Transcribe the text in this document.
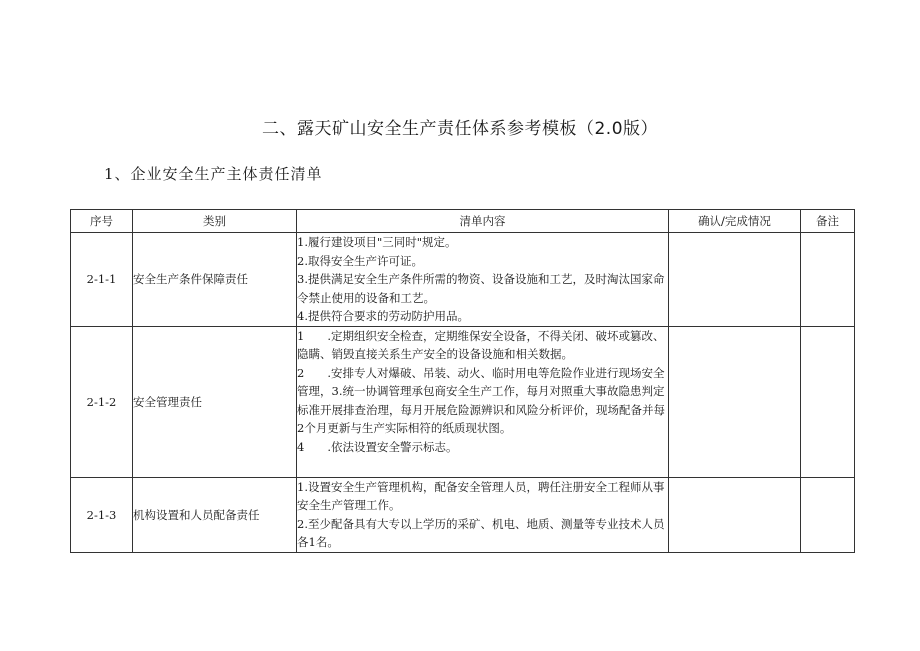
二、露天矿山安全生产责任体系参考模板（2.0版）
1、企业安全生产主体责任清单
序号	类别	清单内容	确认/完成情况	备注
2-1-1	安全生产条件保障责任	1.履行建设项目"三同时"规定。
2.取得安全生产许可证。
3.提供满足安全生产条件所需的物资、设备设施和工艺，及时淘汰国家命令禁止使用的设备和工艺。
4.提供符合要求的劳动防护用品。		

2-1-2	安全管理责任	1　　.定期组织安全检查，定期维保安全设备，不得关闭、破坏或篡改、隐瞒、销毁直接关系生产安全的设备设施和相关数据。
2　　.安排专人对爆破、吊装、动火、临时用电等危险作业进行现场安全管理，3.统一协调管理承包商安全生产工作，每月对照重大事故隐患判定标准开展排查治理，每月开展危险源辨识和风险分析评价，现场配备并每2个月更新与生产实际相符的纸质现状图。
4　　.依法设置安全警示标志。		

2-1-3	机构设置和人员配备责任	1.设置安全生产管理机构，配备安全管理人员，聘任注册安全工程师从事安全生产管理工作。
2.至少配备具有大专以上学历的采矿、机电、地质、测量等专业技术人员各1名。		
